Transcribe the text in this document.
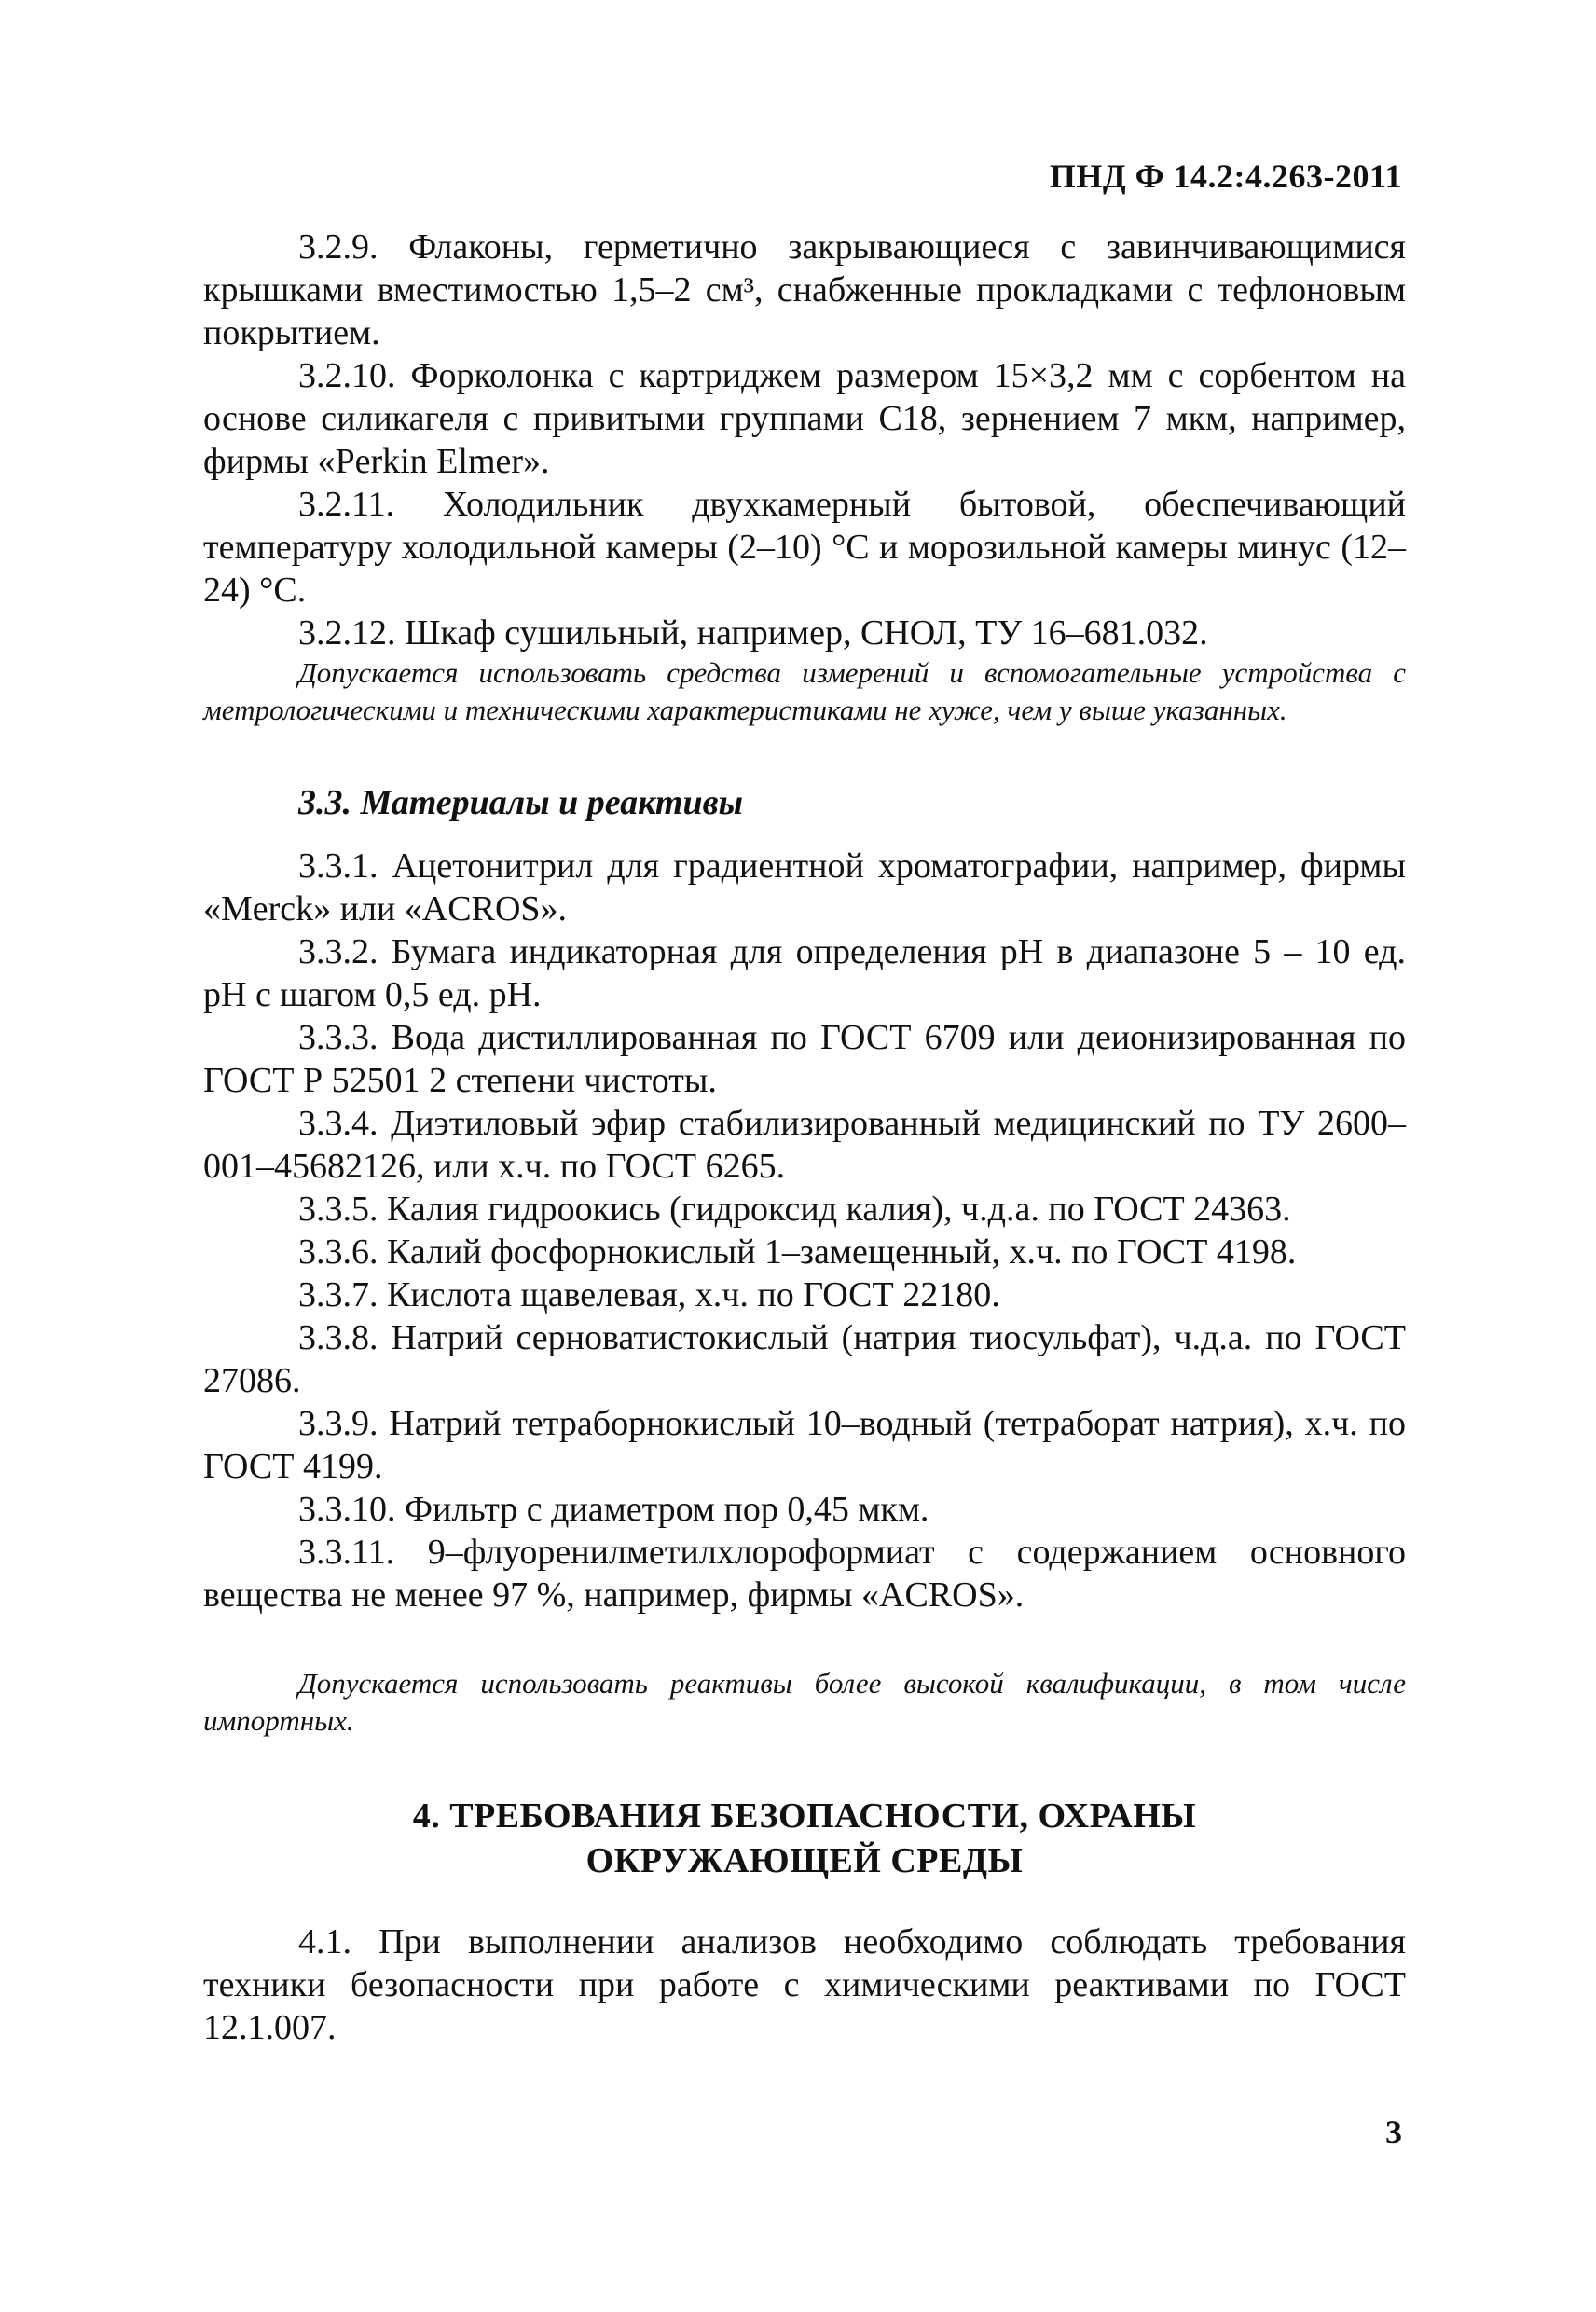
ПНД Ф 14.2:4.263-2011

3.2.9. Флаконы, герметично закрывающиеся с завинчивающимися крышками вместимостью 1,5–2 см³, снабженные прокладками с тефлоновым покрытием.

3.2.10. Форколонка с картриджем размером 15×3,2 мм с сорбентом на основе силикагеля с привитыми группами С18, зернением 7 мкм, например, фирмы «Perkin Elmer».

3.2.11. Холодильник двухкамерный бытовой, обеспечивающий температуру холодильной камеры (2–10) °С и морозильной камеры минус (12–24) °С.

3.2.12. Шкаф сушильный, например, СНОЛ, ТУ 16–681.032.

Допускается использовать средства измерений и вспомогательные устройства с метрологическими и техническими характеристиками не хуже, чем у выше указанных.

3.3. Материалы и реактивы

3.3.1. Ацетонитрил для градиентной хроматографии, например, фирмы «Merck» или «ACROS».

3.3.2. Бумага индикаторная для определения pH в диапазоне 5 – 10 ед. pH с шагом 0,5 ед. pH.

3.3.3. Вода дистиллированная по ГОСТ 6709 или деионизированная по ГОСТ Р 52501 2 степени чистоты.

3.3.4. Диэтиловый эфир стабилизированный медицинский по ТУ 2600–001–45682126, или х.ч. по ГОСТ 6265.

3.3.5. Калия гидроокись (гидроксид калия), ч.д.а. по ГОСТ 24363.

3.3.6. Калий фосфорнокислый 1–замещенный, х.ч. по ГОСТ 4198.

3.3.7. Кислота щавелевая, х.ч. по ГОСТ 22180.

3.3.8. Натрий серноватистокислый (натрия тиосульфат), ч.д.а. по ГОСТ 27086.

3.3.9. Натрий тетраборнокислый 10–водный (тетраборат натрия), х.ч. по ГОСТ 4199.

3.3.10. Фильтр с диаметром пор 0,45 мкм.

3.3.11. 9–флуоренилметилхлороформиат с содержанием основного вещества не менее 97 %, например, фирмы «ACROS».

Допускается использовать реактивы более высокой квалификации, в том числе импортных.

4. ТРЕБОВАНИЯ БЕЗОПАСНОСТИ, ОХРАНЫ
ОКРУЖАЮЩЕЙ СРЕДЫ

4.1. При выполнении анализов необходимо соблюдать требования техники безопасности при работе с химическими реактивами по ГОСТ 12.1.007.

3
